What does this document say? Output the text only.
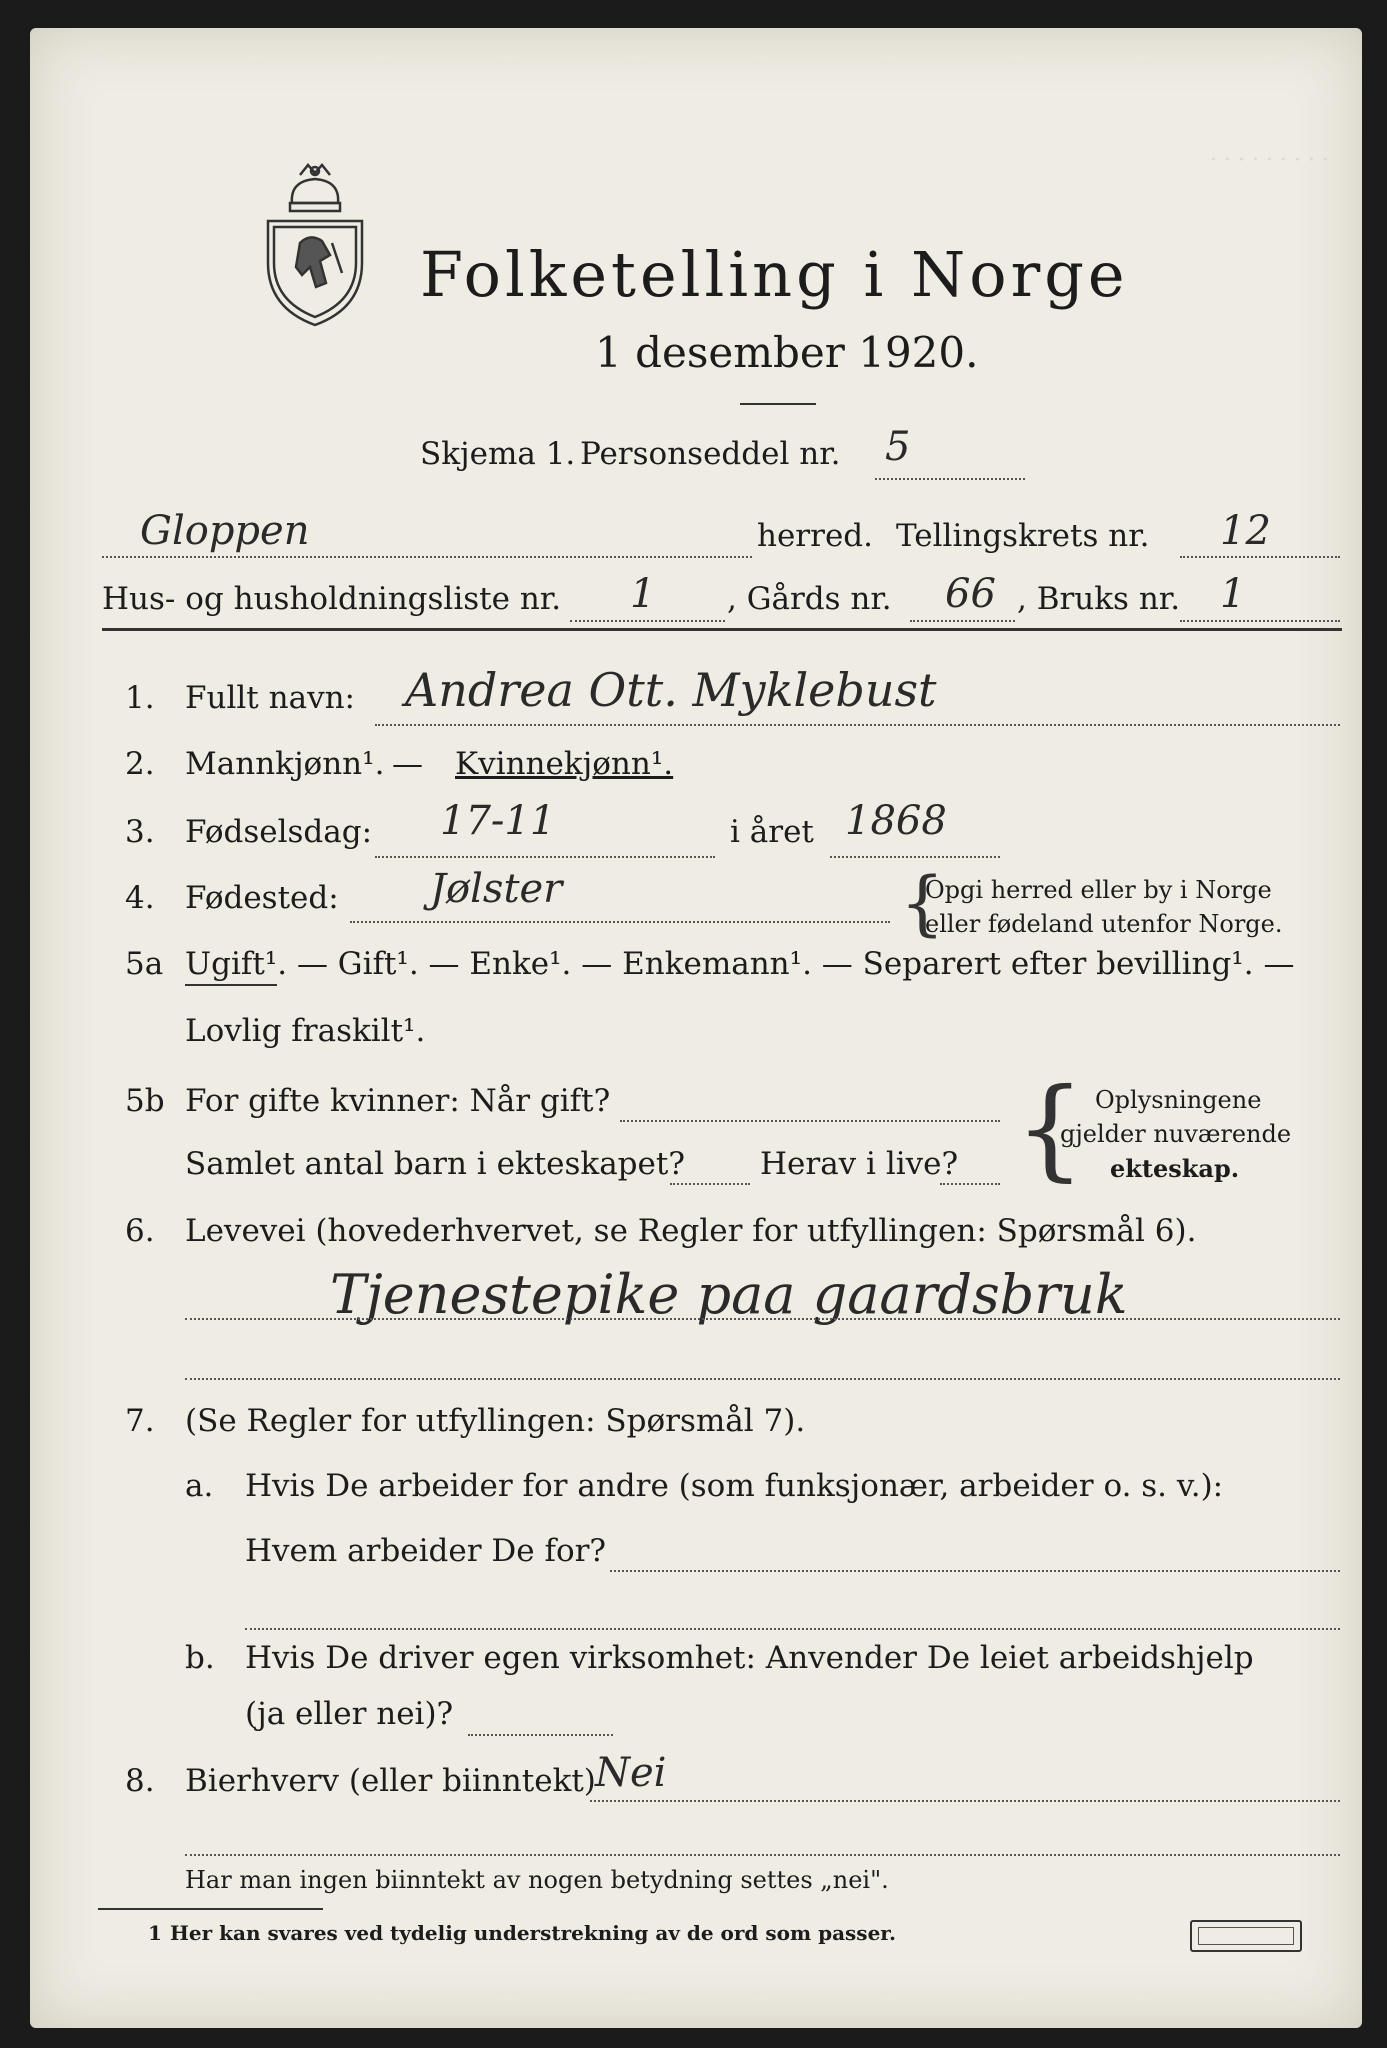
· · · · · · · · ·
Folketelling i Norge
1 desember 1920.
Skjema 1. Personseddel nr. 5
Gloppen	herred. Tellingskrets nr. 12
Hus- og husholdningsliste nr. 1 , Gårds nr. 66 , Bruks nr. 1
1. Fullt navn: Andrea Ott. Myklebust
2. Mannkjønn¹. — Kvinnekjønn¹.
3. Fødselsdag: 17-11	i året 1868
4. Fødested: Jølster	{
Opgi herred eller by i Norge
eller fødeland utenfor Norge.
5a Ugift¹. — Gift¹. — Enke¹. — Enkemann¹. — Separert efter bevilling¹. —
Lovlig fraskilt¹.
5b For gifte kvinner: Når gift?
Samlet antal barn i ekteskapet? Herav i live? { Oplysningene
gjelder nuværende
ekteskap.
6. Levevei (hovederhvervet, se Regler for utfyllingen: Spørsmål 6).
Tjenestepike paa gaardsbruk
7. (Se Regler for utfyllingen: Spørsmål 7).
a. Hvis De arbeider for andre (som funksjonær, arbeider o. s. v.):
Hvem arbeider De for?
b. Hvis De driver egen virksomhet: Anvender De leiet arbeidshjelp
(ja eller nei)?
8. Bierhverv (eller biinntekt) Nei
Har man ingen biinntekt av nogen betydning settes „nei".
1 Her kan svares ved tydelig understrekning av de ord som passer.
